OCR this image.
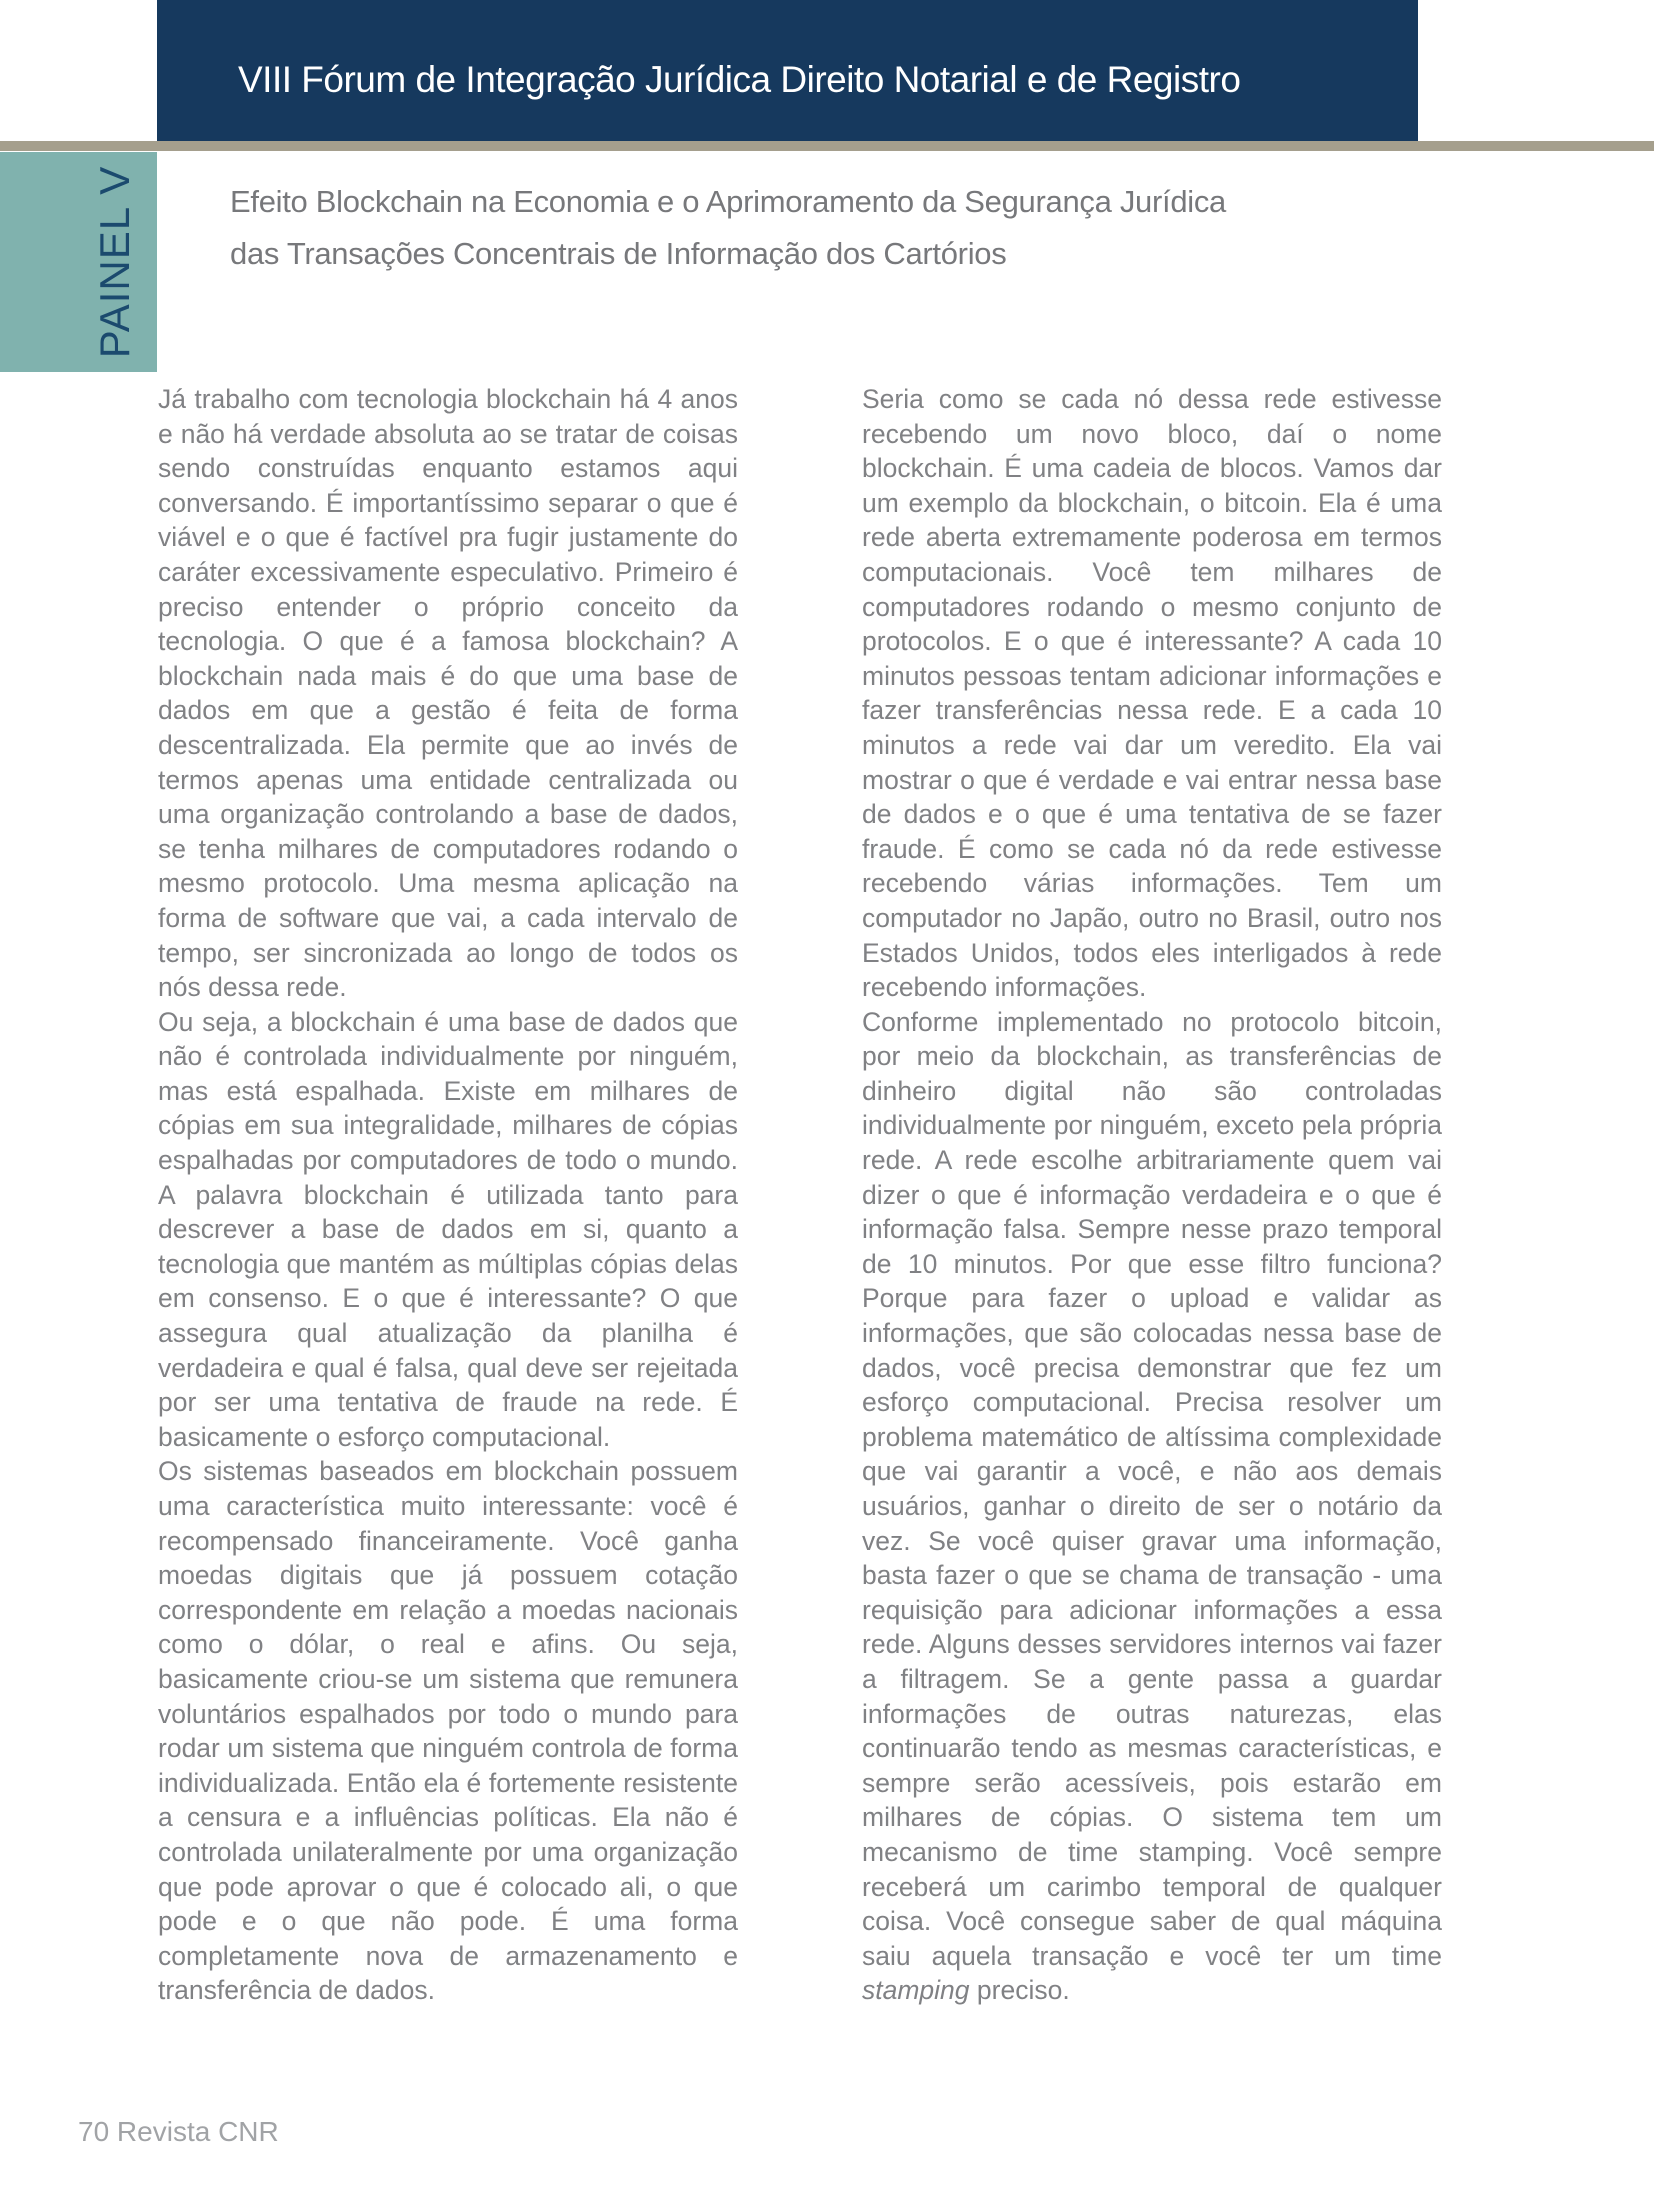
VIII Fórum de Integração Jurídica Direito Notarial e de Registro
PAINEL V	Efeito Blockchain na Economia e o Aprimoramento da Segurança Jurídica
das Transações Concentrais de Informação dos Cartórios

Já trabalho com tecnologia blockchain há 4 anos e não há verdade absoluta ao se tratar de coisas sendo construídas enquanto estamos aqui conversando. É importantíssimo separar o que é viável e o que é factível pra fugir justamente do caráter excessivamente especulativo. Primeiro é preciso entender o próprio conceito da tecnologia. O que é a famosa blockchain? A blockchain nada mais é do que uma base de dados em que a gestão é feita de forma descentralizada. Ela permite que ao invés de termos apenas uma entidade centralizada ou uma organização controlando a base de dados, se tenha milhares de computadores rodando o mesmo protocolo. Uma mesma aplicação na forma de software que vai, a cada intervalo de tempo, ser sincronizada ao longo de todos os nós dessa rede.

Ou seja, a blockchain é uma base de dados que não é controlada individualmente por ninguém, mas está espalhada. Existe em milhares de cópias em sua integralidade, milhares de cópias espalhadas por computadores de todo o mundo. A palavra blockchain é utilizada tanto para descrever a base de dados em si, quanto a tecnologia que mantém as múltiplas cópias delas em consenso. E o que é interessante? O que assegura qual atualização da planilha é verdadeira e qual é falsa, qual deve ser rejeitada por ser uma tentativa de fraude na rede. É basicamente o esforço computacional.

Os sistemas baseados em blockchain possuem uma característica muito interessante: você é recompensado financeiramente. Você ganha moedas digitais que já possuem cotação correspondente em relação a moedas nacionais como o dólar, o real e afins. Ou seja, basicamente criou-se um sistema que remunera voluntários espalhados por todo o mundo para rodar um sistema que ninguém controla de forma individualizada. Então ela é fortemente resistente a censura e a influências políticas. Ela não é controlada unilateralmente por uma organização que pode aprovar o que é colocado ali, o que pode e o que não pode. É uma forma completamente nova de armazenamento e transferência de dados.

Seria como se cada nó dessa rede estivesse recebendo um novo bloco, daí o nome blockchain. É uma cadeia de blocos. Vamos dar um exemplo da blockchain, o bitcoin. Ela é uma rede aberta extremamente poderosa em termos computacionais. Você tem milhares de computadores rodando o mesmo conjunto de protocolos. E o que é interessante? A cada 10 minutos pessoas tentam adicionar informações e fazer transferências nessa rede. E a cada 10 minutos a rede vai dar um veredito. Ela vai mostrar o que é verdade e vai entrar nessa base de dados e o que é uma tentativa de se fazer fraude. É como se cada nó da rede estivesse recebendo várias informações. Tem um computador no Japão, outro no Brasil, outro nos Estados Unidos, todos eles interligados à rede recebendo informações.

Conforme implementado no protocolo bitcoin, por meio da blockchain, as transferências de dinheiro digital não são controladas individualmente por ninguém, exceto pela própria rede. A rede escolhe arbitrariamente quem vai dizer o que é informação verdadeira e o que é informação falsa. Sempre nesse prazo temporal de 10 minutos. Por que esse filtro funciona? Porque para fazer o upload e validar as informações, que são colocadas nessa base de dados, você precisa demonstrar que fez um esforço computacional. Precisa resolver um problema matemático de altíssima complexidade que vai garantir a você, e não aos demais usuários, ganhar o direito de ser o notário da vez. Se você quiser gravar uma informação, basta fazer o que se chama de transação - uma requisição para adicionar informações a essa rede. Alguns desses servidores internos vai fazer a filtragem. Se a gente passa a guardar informações de outras naturezas, elas continuarão tendo as mesmas características, e sempre serão acessíveis, pois estarão em milhares de cópias. O sistema tem um mecanismo de time stamping. Você sempre receberá um carimbo temporal de qualquer coisa. Você consegue saber de qual máquina saiu aquela transação e você ter um time stamping preciso.

70 Revista CNR
